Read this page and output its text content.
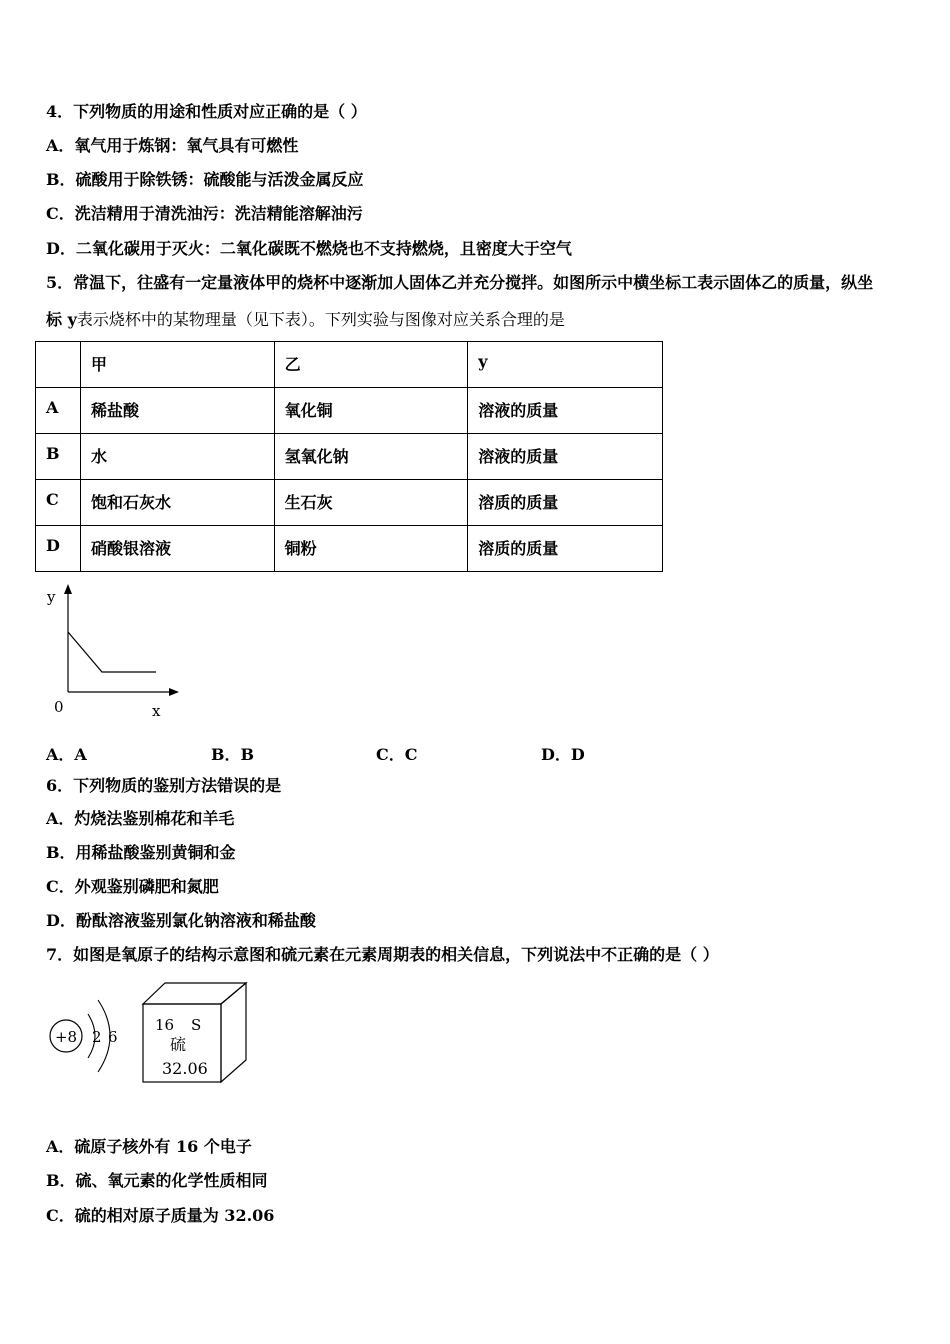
4．下列物质的用途和性质对应正确的是（ ）
A．氧气用于炼钢：氧气具有可燃性
B．硫酸用于除铁锈：硫酸能与活泼金属反应
C．洗洁精用于清洗油污：洗洁精能溶解油污
D．二氧化碳用于灭火：二氧化碳既不燃烧也不支持燃烧，且密度大于空气
5．常温下，往盛有一定量液体甲的烧杯中逐渐加人固体乙并充分搅拌。如图所示中横坐标工表示固体乙的质量，纵坐
标 y表示烧杯中的某物理量（见下表）。下列实验与图像对应关系合理的是
	甲	乙	y
A	稀盐酸	氧化铜	溶液的质量
B	水	氢氧化钠	溶液的质量
C	饱和石灰水	生石灰	溶质的质量
D	硝酸银溶液	铜粉	溶质的质量
y
0	x
A．A	B．B	C．C	D．D
6．下列物质的鉴别方法错误的是
A．灼烧法鉴别棉花和羊毛
B．用稀盐酸鉴别黄铜和金
C．外观鉴别磷肥和氮肥
D．酚酞溶液鉴别氯化钠溶液和稀盐酸
7．如图是氧原子的结构示意图和硫元素在元素周期表的相关信息，下列说法中不正确的是（ ）
+8 2 6
16 S
硫
32.06
A．硫原子核外有 16 个电子
B．硫、氧元素的化学性质相同
C．硫的相对原子质量为 32.06
